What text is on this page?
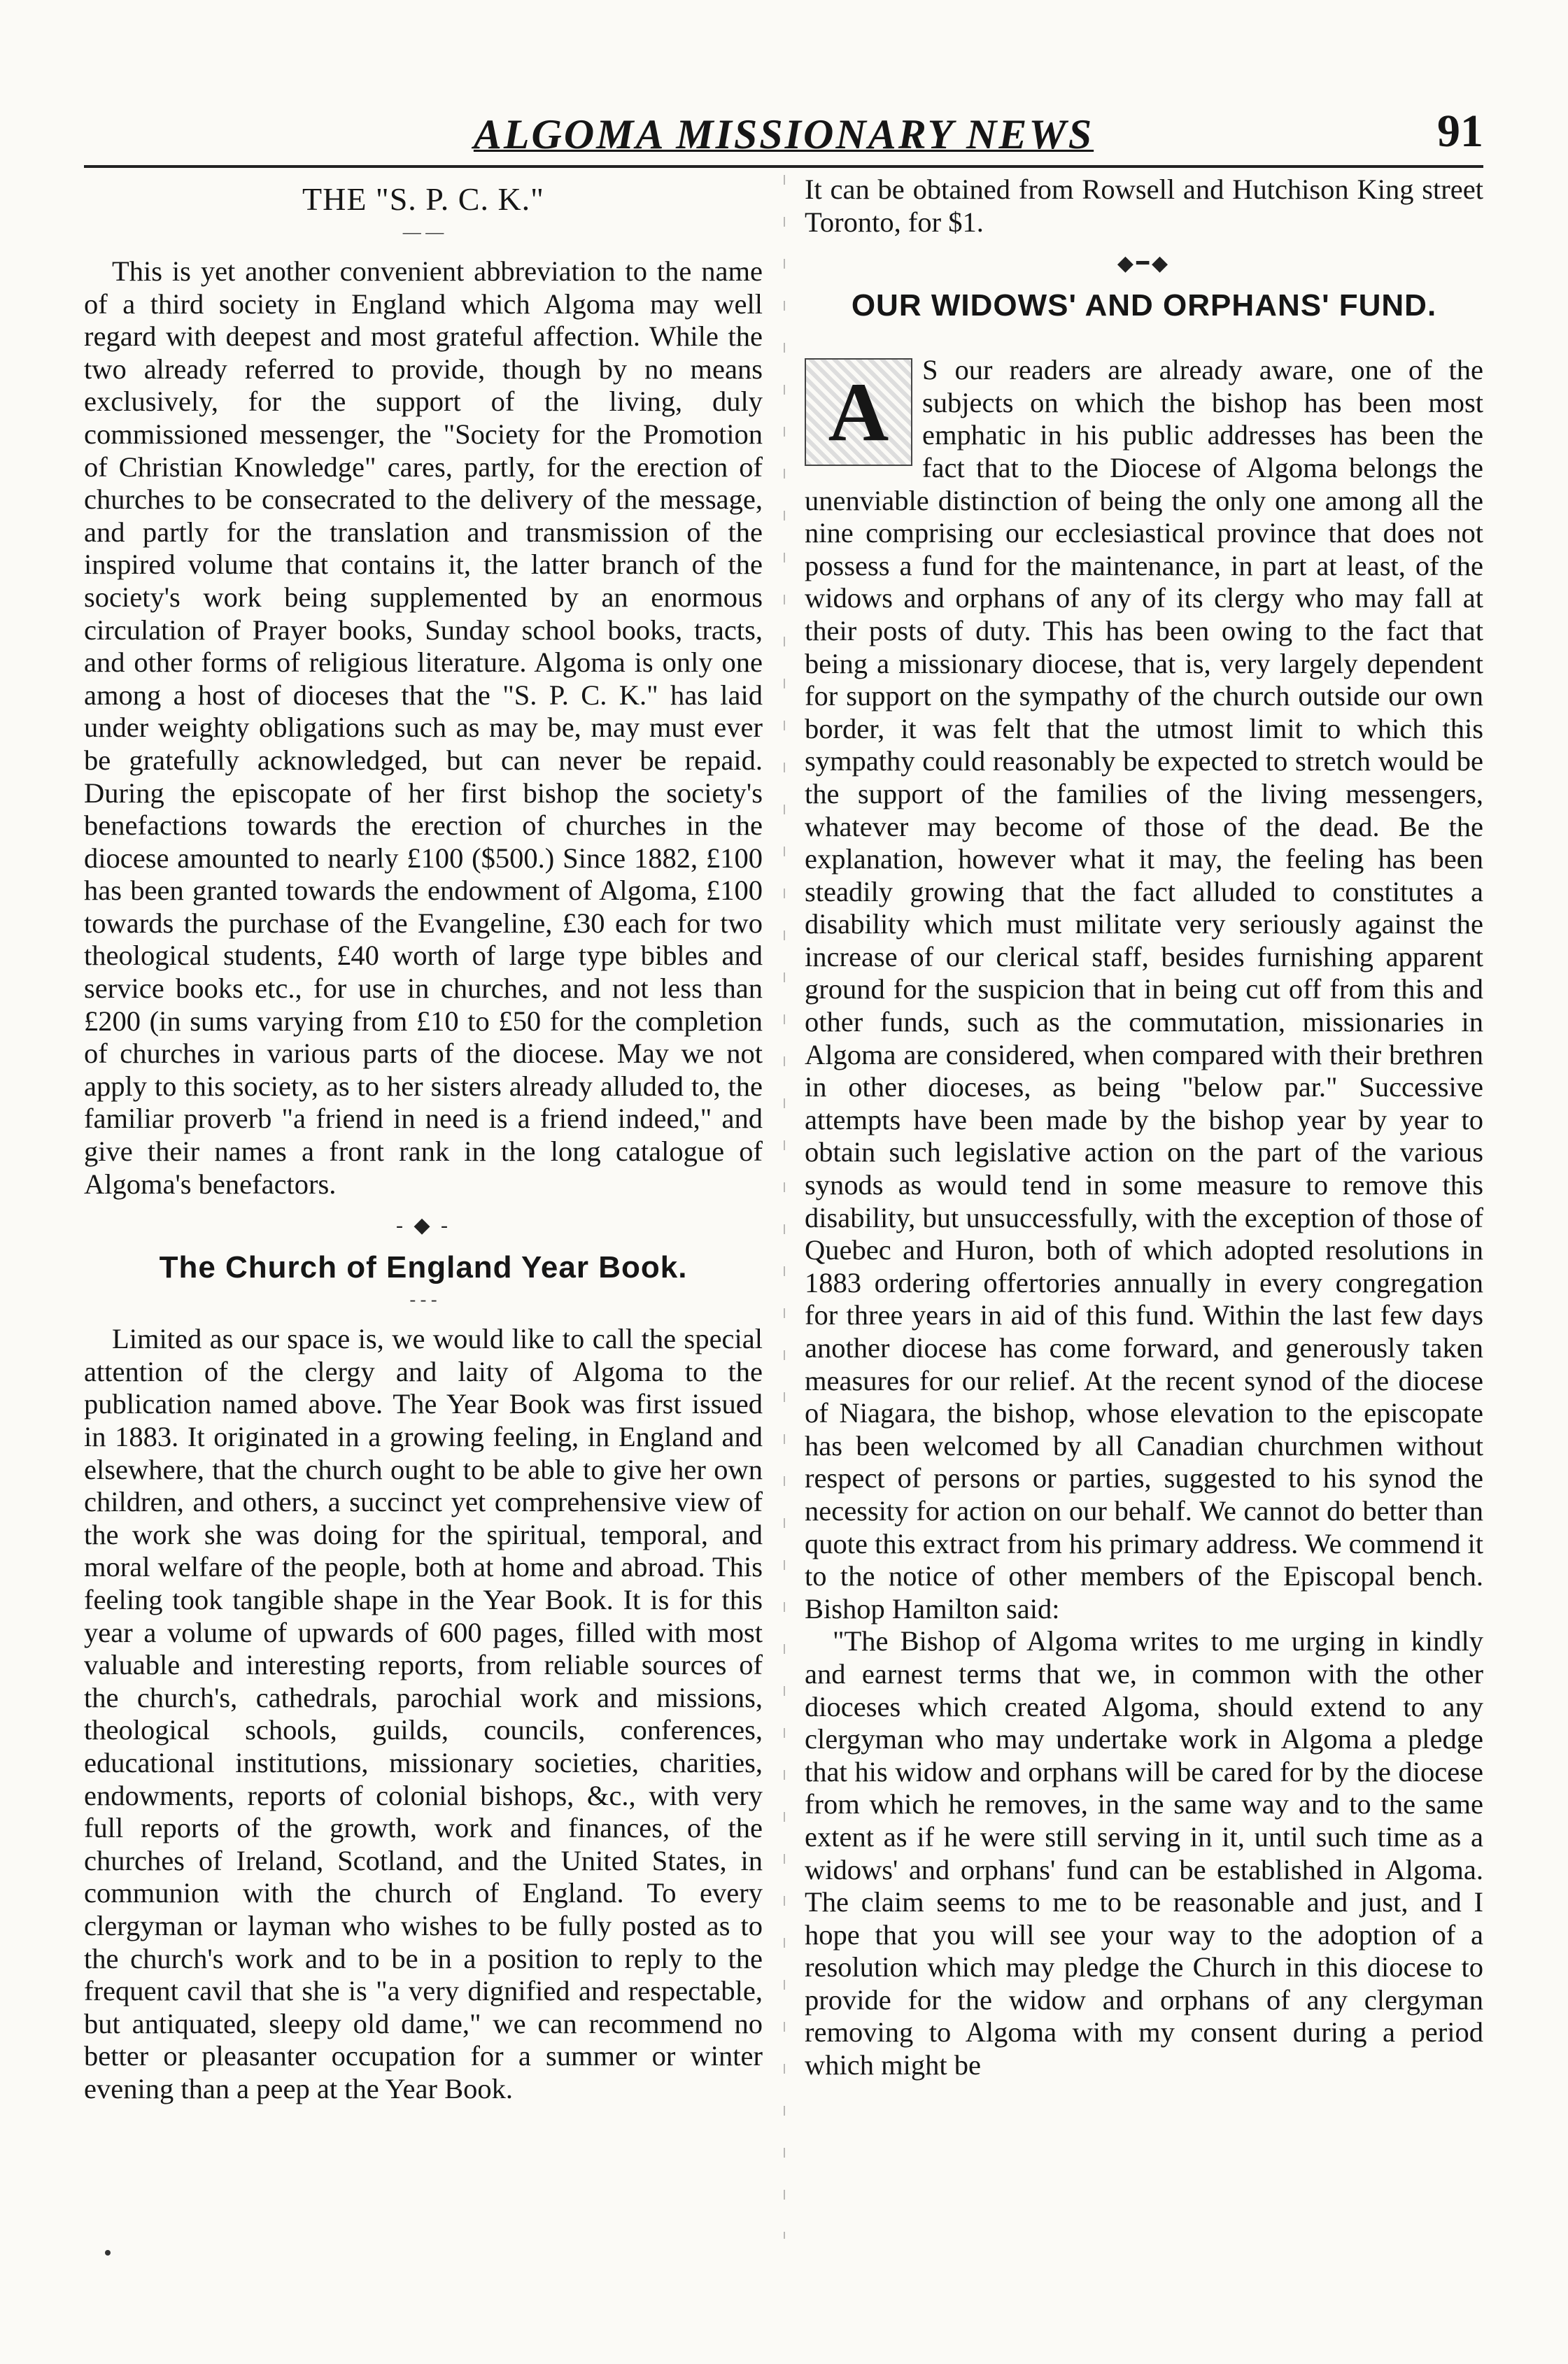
ALGOMA MISSIONARY NEWS	91
THE "S. P. C. K."
— —

This is yet another convenient abbreviation to the name of a third society in England which Algoma may well regard with deepest and most grateful affection. While the two already referred to provide, though by no means exclusively, for the support of the living, duly commissioned messenger, the "Society for the Promotion of Christian Knowledge" cares, partly, for the erection of churches to be consecrated to the delivery of the message, and partly for the translation and transmission of the inspired volume that contains it, the latter branch of the society's work being supplemented by an enormous circulation of Prayer books, Sunday school books, tracts, and other forms of religious literature. Algoma is only one among a host of dioceses that the "S. P. C. K." has laid under weighty obligations such as may be, may must ever be gratefully acknowledged, but can never be repaid. During the episcopate of her first bishop the society's benefactions towards the erection of churches in the diocese amounted to nearly £100 ($500.) Since 1882, £100 has been granted towards the endowment of Algoma, £100 towards the purchase of the Evangeline, £30 each for two theological students, £40 worth of large type bibles and service books etc., for use in churches, and not less than £200 (in sums varying from £10 to £50 for the completion of churches in various parts of the diocese. May we not apply to this society, as to her sisters already alluded to, the familiar proverb "a friend in need is a friend indeed," and give their names a front rank in the long catalogue of Algoma's benefactors.

- ◆ -
The Church of England Year Book.
- - -

Limited as our space is, we would like to call the special attention of the clergy and laity of Algoma to the publication named above. The Year Book was first issued in 1883. It originated in a growing feeling, in England and elsewhere, that the church ought to be able to give her own children, and others, a succinct yet comprehensive view of the work she was doing for the spiritual, temporal, and moral welfare of the people, both at home and abroad. This feeling took tangible shape in the Year Book. It is for this year a volume of upwards of 600 pages, filled with most valuable and interesting reports, from reliable sources of the church's, cathedrals, parochial work and missions, theological schools, guilds, councils, conferences, educational institutions, missionary societies, charities, endowments, reports of colonial bishops, &c., with very full reports of the growth, work and finances, of the churches of Ireland, Scotland, and the United States, in communion with the church of England. To every clergyman or layman who wishes to be fully posted as to the church's work and to be in a position to reply to the frequent cavil that she is "a very dignified and respectable, but antiquated, sleepy old dame," we can recommend no better or pleasanter occupation for a summer or winter evening than a peep at the Year Book.

It can be obtained from Rowsell and Hutchison King street Toronto, for $1.

◆━◆
OUR WIDOWS' AND ORPHANS' FUND.

A	S our readers are already aware, one of the subjects on which the bishop has been most emphatic in his public addresses has been the fact that to the Diocese of Algoma belongs the unenviable distinction of being the only one among all the nine comprising our ecclesiastical province that does not possess a fund for the maintenance, in part at least, of the widows and orphans of any of its clergy who may fall at their posts of duty. This has been owing to the fact that being a missionary diocese, that is, very largely dependent for support on the sympathy of the church outside our own border, it was felt that the utmost limit to which this sympathy could reasonably be expected to stretch would be the support of the families of the living messengers, whatever may become of those of the dead. Be the explanation, however what it may, the feeling has been steadily growing that the fact alluded to constitutes a disability which must militate very seriously against the increase of our clerical staff, besides furnishing apparent ground for the suspicion that in being cut off from this and other funds, such as the commutation, missionaries in Algoma are considered, when compared with their brethren in other dioceses, as being "below par." Successive attempts have been made by the bishop year by year to obtain such legislative action on the part of the various synods as would tend in some measure to remove this disability, but unsuccessfully, with the exception of those of Quebec and Huron, both of which adopted resolutions in 1883 ordering offertories annually in every congregation for three years in aid of this fund. Within the last few days another diocese has come forward, and generously taken measures for our relief. At the recent synod of the diocese of Niagara, the bishop, whose elevation to the episcopate has been welcomed by all Canadian churchmen without respect of persons or parties, suggested to his synod the necessity for action on our behalf. We cannot do better than quote this extract from his primary address. We commend it to the notice of other members of the Episcopal bench. Bishop Hamilton said:

"The Bishop of Algoma writes to me urging in kindly and earnest terms that we, in common with the other dioceses which created Algoma, should extend to any clergyman who may undertake work in Algoma a pledge that his widow and orphans will be cared for by the diocese from which he removes, in the same way and to the same extent as if he were still serving in it, until such time as a widows' and orphans' fund can be established in Algoma. The claim seems to me to be reasonable and just, and I hope that you will see your way to the adoption of a resolution which may pledge the Church in this diocese to provide for the widow and orphans of any clergyman removing to Algoma with my consent during a period which might be
